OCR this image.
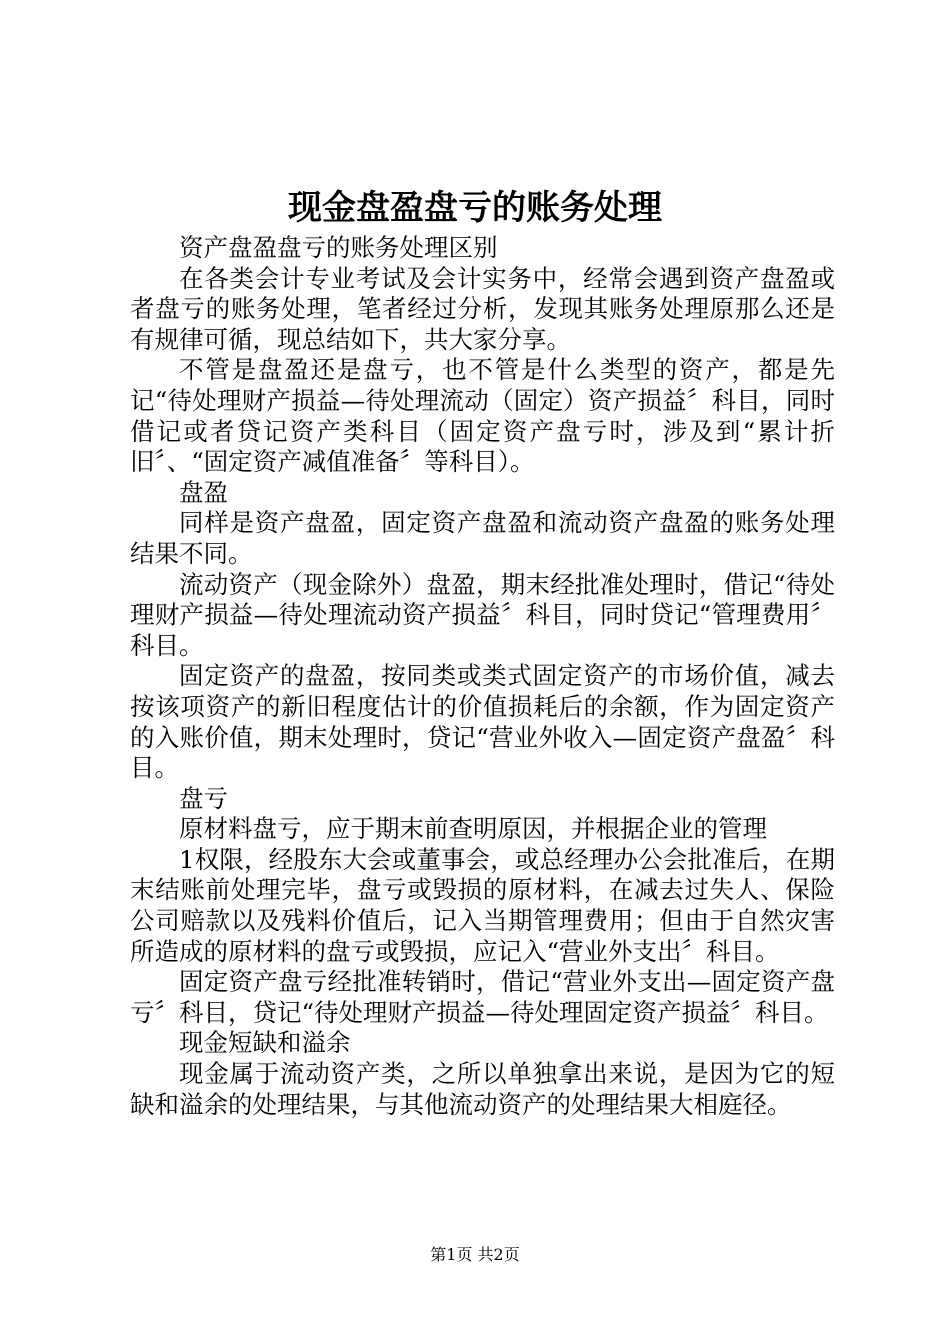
现金盘盈盘亏的账务处理

资产盘盈盘亏的账务处理区别

在各类会计专业考试及会计实务中，经常会遇到资产盘盈或者盘亏的账务处理，笔者经过分析，发现其账务处理原那么还是有规律可循，现总结如下，共大家分享。

不管是盘盈还是盘亏，也不管是什么类型的资产，都是先记“待处理财产损益—待处理流动（固定）资产损益〞科目，同时借记或者贷记资产类科目（固定资产盘亏时，涉及到“累计折旧〞、“固定资产减值准备〞等科目）。

盘盈

同样是资产盘盈，固定资产盘盈和流动资产盘盈的账务处理结果不同。

流动资产（现金除外）盘盈，期末经批准处理时，借记“待处理财产损益—待处理流动资产损益〞科目，同时贷记“管理费用〞科目。

固定资产的盘盈，按同类或类式固定资产的市场价值，减去按该项资产的新旧程度估计的价值损耗后的余额，作为固定资产的入账价值，期末处理时，贷记“营业外收入—固定资产盘盈〞科目。

盘亏

原材料盘亏，应于期末前查明原因，并根据企业的管理

1权限，经股东大会或董事会，或总经理办公会批准后，在期末结账前处理完毕，盘亏或毁损的原材料，在减去过失人、保险公司赔款以及残料价值后，记入当期管理费用；但由于自然灾害所造成的原材料的盘亏或毁损，应记入“营业外支出〞科目。

固定资产盘亏经批准转销时，借记“营业外支出—固定资产盘亏〞科目，贷记“待处理财产损益—待处理固定资产损益〞科目。

现金短缺和溢余

现金属于流动资产类，之所以单独拿出来说，是因为它的短缺和溢余的处理结果，与其他流动资产的处理结果大相庭径。

第1页 共2页
